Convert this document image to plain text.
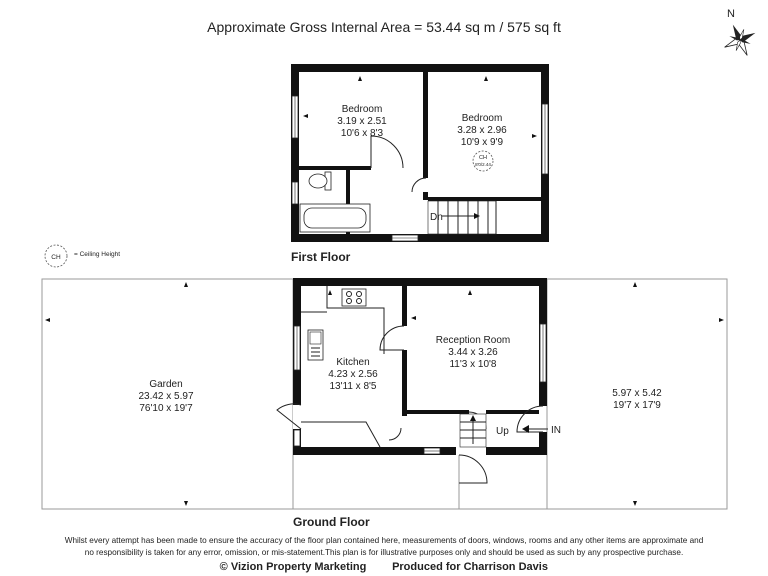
Approximate Gross Internal Area = 53.44 sq m / 575 sq ft
N
CH = Ceiling Height
Dn
Bedroom
3.19 x 2.51
10'6 x 8'3
Bedroom
3.28 x 2.96
10'9 x 9'9
CH
8'0/2.44
First Floor
Up	IN
Garden
23.42 x 5.97
76'10 x 19'7
Kitchen
4.23 x 2.56
13'11 x 8'5
Reception Room
3.44 x 3.26
11'3 x 10'8
5.97 x 5.42
19'7 x 17'9
Ground Floor
Whilst every attempt has been made to ensure the accuracy of the floor plan contained here, measurements of doors, windows, rooms and any other items are approximate and
no responsibility is taken for any error, omission, or mis-statement.This plan is for illustrative purposes only and should be used as such by any prospective purchase.
© Vizion Property Marketing Produced for Charrison Davis
